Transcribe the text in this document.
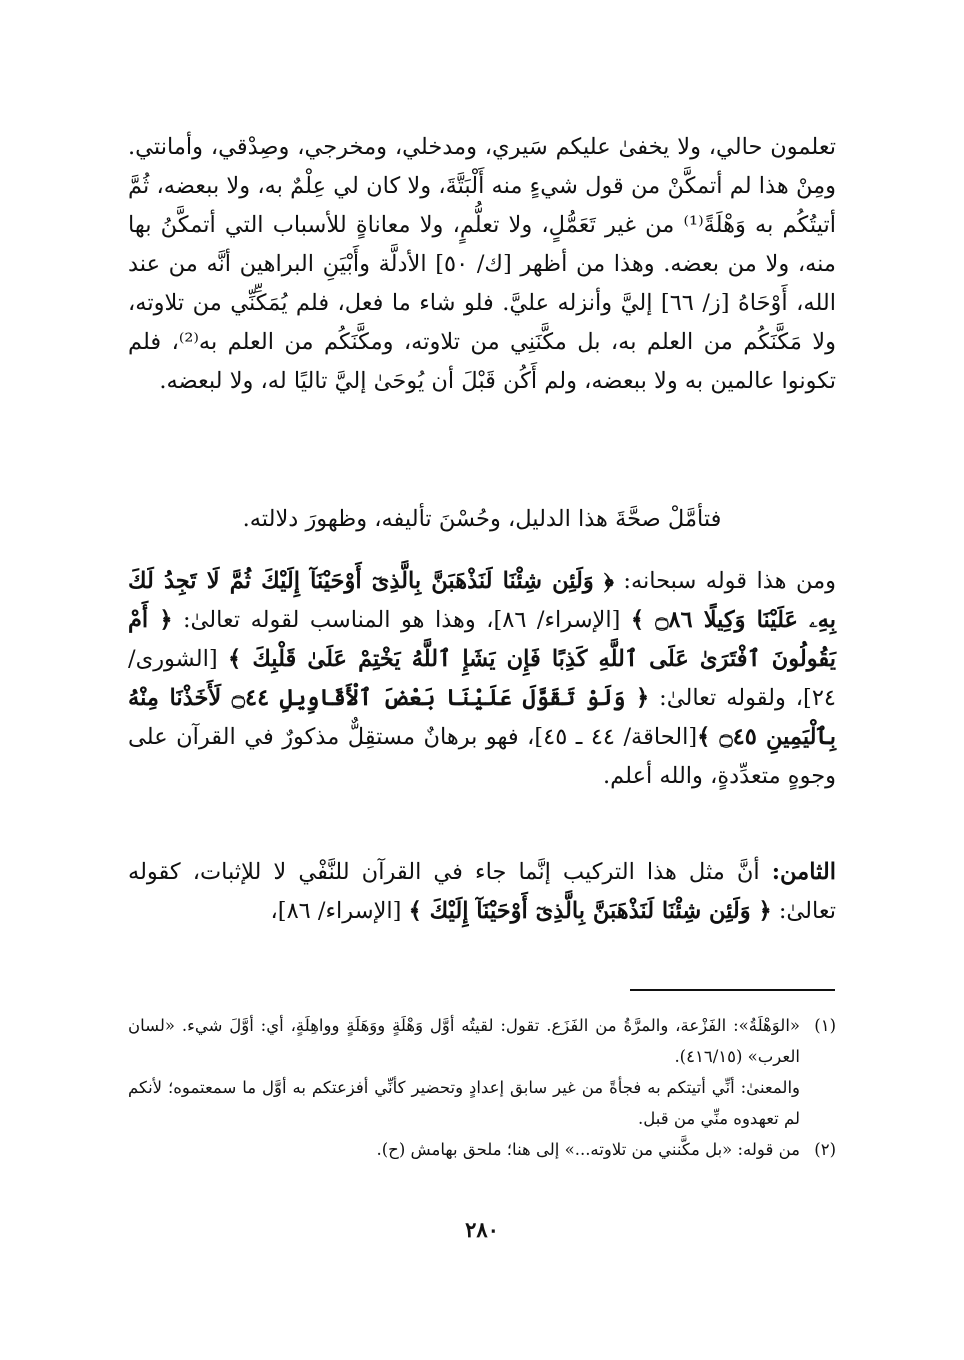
تعلمون حالي، ولا يخفىٰ عليكم سَيري، ومدخلي، ومخرجي، وصِدْقي، وأمانتي. ومِنْ هذا لم أتمكَّنْ من قول شيءٍ منه أَلْبَتَّةَ، ولا كان لي عِلْمٌ به، ولا ببعضه، ثُمَّ أتيتُكُم به وَهْلَةً⁽¹⁾ من غير تَعَمُّلٍ، ولا تعلُّمٍ، ولا معاناةٍ للأسباب التي أتمكَّنُ بها منه، ولا من بعضه. وهذا من أظهر [ك/ ٥٠] الأدلَّة وأَبْيَنِ البراهين أنَّه من عند الله، أَوْحَاهُ [ز/ ٦٦] إليَّ وأنزله عليَّ. فلو شاء ما فعل، فلم يُمَكِّنِّي من تلاوته، ولا مَكَّنَكُم من العلم به، بل مكَّنَنِي من تلاوته، ومكَّنَكُم من العلم به⁽²⁾، فلم تكونوا عالمين به ولا ببعضه، ولم أَكُن قَبْلَ أن يُوحَىٰ إليَّ تاليًا له، ولا لبعضه.

فتأمَّلْ صحَّةَ هذا الدليل، وحُسْنَ تأليفه، وظهورَ دلالته.

ومن هذا قوله سبحانه: ﴿ وَلَئِن شِئْنَا لَنَذْهَبَنَّ بِالَّذِىٓ أَوْحَيْنَآ إِلَيْكَ ثُمَّ لَا تَجِدُ لَكَ بِهِۦ عَلَيْنَا وَكِيلًا ۝٨٦ ﴾ [الإسراء/ ٨٦]، وهذا هو المناسب لقوله تعالىٰ: ﴿ أَمْ يَقُولُونَ ٱفْتَرَىٰ عَلَى ٱللَّهِ كَذِبًا فَإِن يَشَإِ ٱللَّهُ يَخْتِمْ عَلَىٰ قَلْبِكَ ﴾ [الشورى/ ٢٤]، ولقوله تعالىٰ: ﴿ وَلَوْ تَقَوَّلَ عَلَيْنَا بَعْضَ ٱلْأَقَاوِيلِ ۝٤٤ لَأَخَذْنَا مِنْهُ بِٱلْيَمِينِ ۝٤٥ ﴾[الحاقة/ ٤٤ ـ ٤٥]، فهو برهانٌ مستقِلٌّ مذكورٌ في القرآن على وجوهٍ متعدِّدةٍ، والله أعلم.

الثامن: أنَّ مثل هذا التركيب إنَّما جاء في القرآن للنَّفْي لا للإثبات، كقوله تعالىٰ: ﴿ وَلَئِن شِئْنَا لَنَذْهَبَنَّ بِالَّذِىٓ أَوْحَيْنَآ إِلَيْكَ ﴾ [الإسراء/ ٨٦]،

(١)
«الوَهْلَةُ»: الفَزْعة، والمرَّةُ من الفَزَع. تقول: لقيتُه أوَّل وَهْلَةٍ ووَهَلَةٍ وواهِلَةٍ، أي: أوَّلَ شيء. «لسان العرب» (٤١٦/١٥).
والمعنىٰ: أنِّي أتيتكم به فجأةً من غير سابق إعدادٍ وتحضير كأنِّي أفزعتكم به أوَّل ما سمعتموه؛ لأنكم لم تعهدوه منِّي من قبل.
(٢)
من قوله: «بل مكَّنني من تلاوته...» إلى هنا؛ ملحق بهامش (ح).
٢٨٠
